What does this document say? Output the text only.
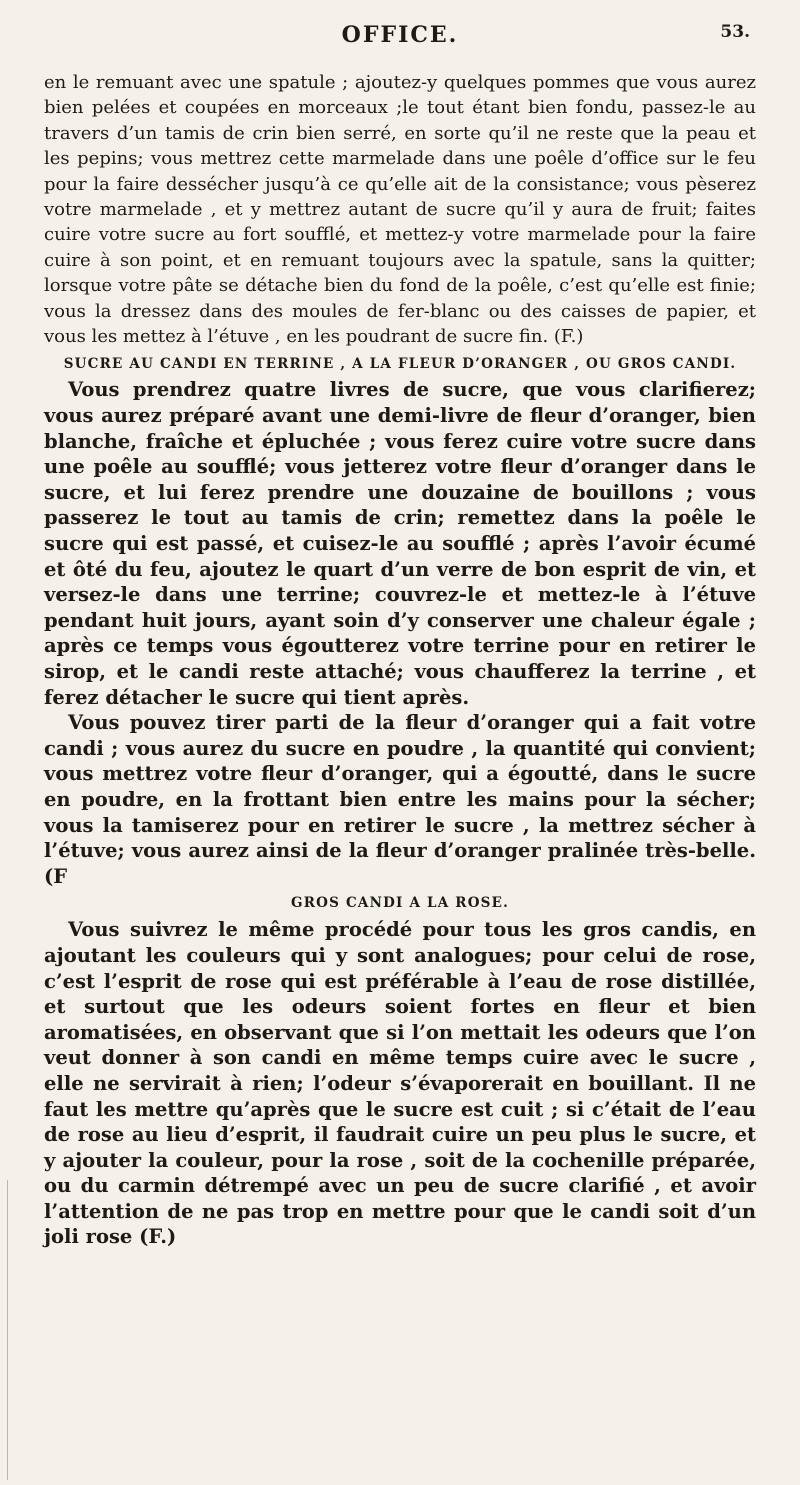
OFFICE.	53.

en le remuant avec une spatule ; ajoutez-y quelques pommes que vous aurez bien pelées et coupées en morceaux ;le tout étant bien fondu, passez-le au travers d’un tamis de crin bien serré, en sorte qu’il ne reste que la peau et les pepins; vous mettrez cette marmelade dans une poêle d’office sur le feu pour la faire dessécher jusqu’à ce qu’elle ait de la consistance; vous pèserez votre marmelade , et y mettrez autant de sucre qu’il y aura de fruit; faites cuire votre sucre au fort soufflé, et mettez-y votre marmelade pour la faire cuire à son point, et en remuant toujours avec la spatule, sans la quitter; lorsque votre pâte se détache bien du fond de la poêle, c’est qu’elle est finie; vous la dressez dans des moules de fer-blanc ou des caisses de papier, et vous les mettez à l’étuve , en les poudrant de sucre fin. (F.)

SUCRE AU CANDI EN TERRINE , A LA FLEUR D’ORANGER , OU GROS CANDI.

Vous prendrez quatre livres de sucre, que vous clarifierez; vous aurez préparé avant une demi-livre de fleur d’oranger, bien blanche, fraîche et épluchée ; vous ferez cuire votre sucre dans une poêle au soufflé; vous jetterez votre fleur d’oranger dans le sucre, et lui ferez prendre une douzaine de bouillons ; vous passerez le tout au tamis de crin; remettez dans la poêle le sucre qui est passé, et cuisez-le au soufflé ; après l’avoir écumé et ôté du feu, ajoutez le quart d’un verre de bon esprit de vin, et versez-le dans une terrine; couvrez-le et mettez-le à l’étuve pendant huit jours, ayant soin d’y conserver une chaleur égale ; après ce temps vous égoutterez votre terrine pour en retirer le sirop, et le candi reste attaché; vous chaufferez la terrine , et ferez détacher le sucre qui tient après.

Vous pouvez tirer parti de la fleur d’oranger qui a fait votre candi ; vous aurez du sucre en poudre , la quantité qui convient; vous mettrez votre fleur d’oranger, qui a égoutté, dans le sucre en poudre, en la frottant bien entre les mains pour la sécher; vous la tamiserez pour en retirer le sucre , la mettrez sécher à l’étuve; vous aurez ainsi de la fleur d’oranger pralinée très-belle. (F

GROS CANDI A LA ROSE.

Vous suivrez le même procédé pour tous les gros candis, en ajoutant les couleurs qui y sont analogues; pour celui de rose, c’est l’esprit de rose qui est préférable à l’eau de rose distillée, et surtout que les odeurs soient fortes en fleur et bien aromatisées, en observant que si l’on mettait les odeurs que l’on veut donner à son candi en même temps cuire avec le sucre , elle ne servirait à rien; l’odeur s’évaporerait en bouillant. Il ne faut les mettre qu’après que le sucre est cuit ; si c’était de l’eau de rose au lieu d’esprit, il faudrait cuire un peu plus le sucre, et y ajouter la couleur, pour la rose , soit de la cochenille préparée, ou du carmin détrempé avec un peu de sucre clarifié , et avoir l’attention de ne pas trop en mettre pour que le candi soit d’un joli rose (F.)
